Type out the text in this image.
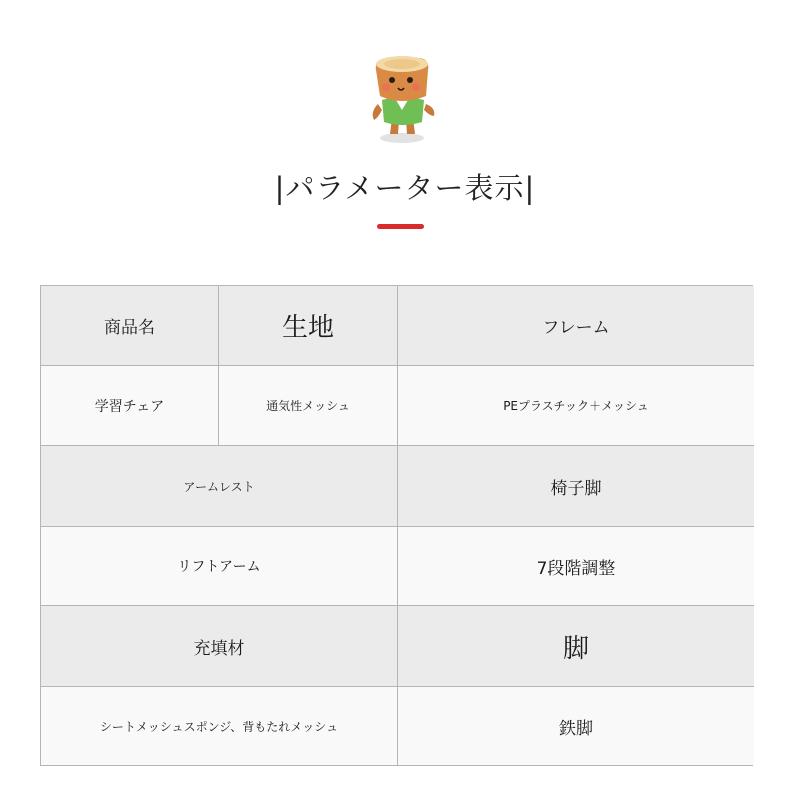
|パラメーター表示|
商品名	生地	フレーム
学習チェア	通気性メッシュ	PEプラスチック＋メッシュ
アームレスト	椅子脚
リフトアーム	7段階調整
充填材	脚
シートメッシュスポンジ、背もたれメッシュ	鉄脚
